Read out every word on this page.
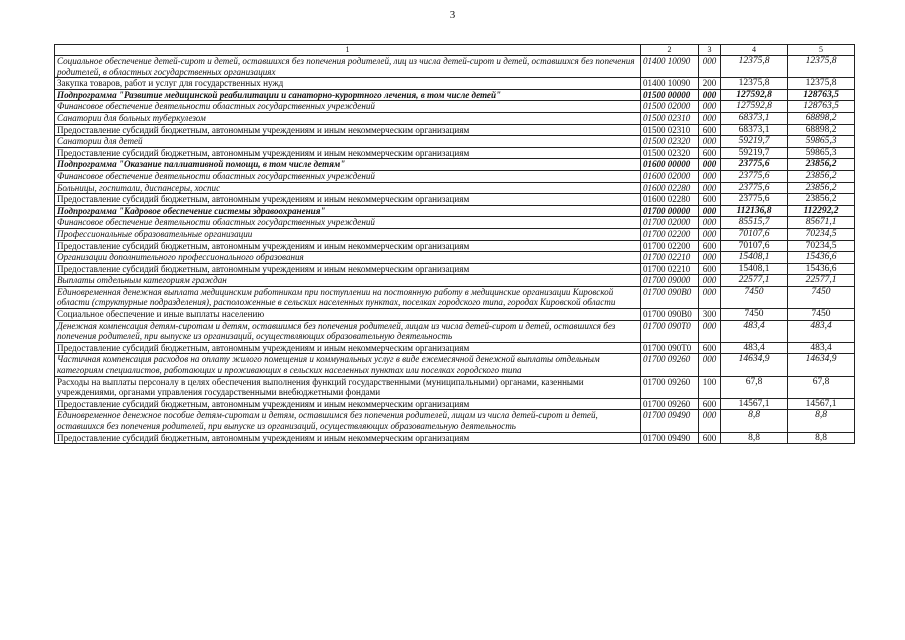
3
1	2	3	4	5
Социальное обеспечение детей-сирот и детей, оставшихся без попечения родителей, лиц из числа детей-сирот и детей, оставшихся без попечения родителей, в областных государственных организациях	01400 10090	000	12375,8	12375,8
Закупка товаров, работ и услуг для государственных нужд	01400 10090	200	12375,8	12375,8
Подпрограмма "Развитие медицинской реабилитации и санаторно-курортного лечения, в том числе детей"	01500 00000	000	127592,8	128763,5
Финансовое обеспечение деятельности областных государственных учреждений	01500 02000	000	127592,8	128763,5
Санатории для больных туберкулезом	01500 02310	000	68373,1	68898,2
Предоставление субсидий бюджетным, автономным учреждениям и иным некоммерческим организациям	01500 02310	600	68373,1	68898,2
Санатории для детей	01500 02320	000	59219,7	59865,3
Предоставление субсидий бюджетным, автономным учреждениям и иным некоммерческим организациям	01500 02320	600	59219,7	59865,3
Подпрограмма "Оказание паллиативной помощи, в том числе детям"	01600 00000	000	23775,6	23856,2
Финансовое обеспечение деятельности областных государственных учреждений	01600 02000	000	23775,6	23856,2
Больницы, госпитали, диспансеры, хоспис	01600 02280	000	23775,6	23856,2
Предоставление субсидий бюджетным, автономным учреждениям и иным некоммерческим организациям	01600 02280	600	23775,6	23856,2
Подпрограмма "Кадровое обеспечение системы здравоохранения"	01700 00000	000	112136,8	112292,2
Финансовое обеспечение деятельности областных государственных учреждений	01700 02000	000	85515,7	85671,1
Профессиональные образовательные организации	01700 02200	000	70107,6	70234,5
Предоставление субсидий бюджетным, автономным учреждениям и иным некоммерческим организациям	01700 02200	600	70107,6	70234,5
Организации дополнительного профессионального образования	01700 02210	000	15408,1	15436,6
Предоставление субсидий бюджетным, автономным учреждениям и иным некоммерческим организациям	01700 02210	600	15408,1	15436,6
Выплаты отдельным категориям граждан	01700 09000	000	22577,1	22577,1
Единовременная денежная выплата медицинским работникам при поступлении на постоянную работу в медицинские организации Кировской области (структурные подразделения), расположенные в сельских населенных пунктах, поселках городского типа, городах Кировской области	01700 090В0	000	7450	7450
Социальное обеспечение и иные выплаты населению	01700 090В0	300	7450	7450
Денежная компенсация детям-сиротам и детям, оставшимся без попечения родителей, лицам из числа детей-сирот и детей, оставшихся без попечения родителей, при выпуске из организаций, осуществляющих образовательную деятельность	01700 090Т0	000	483,4	483,4
Предоставление субсидий бюджетным, автономным учреждениям и иным некоммерческим организациям	01700 090Т0	600	483,4	483,4
Частичная компенсация расходов на оплату жилого помещения и коммунальных услуг в виде ежемесячной денежной выплаты отдельным категориям специалистов, работающих и проживающих в сельских населенных пунктах или поселках городского типа	01700 09260	000	14634,9	14634,9
Расходы на выплаты персоналу в целях обеспечения выполнения функций государственными (муниципальными) органами, казенными учреждениями, органами управления государственными внебюджетными фондами	01700 09260	100	67,8	67,8
Предоставление субсидий бюджетным, автономным учреждениям и иным некоммерческим организациям	01700 09260	600	14567,1	14567,1
Единовременное денежное пособие детям-сиротам и детям, оставшимся без попечения родителей, лицам из числа детей-сирот и детей, оставшихся без попечения родителей, при выпуске из организаций, осуществляющих образовательную деятельность	01700 09490	000	8,8	8,8
Предоставление субсидий бюджетным, автономным учреждениям и иным некоммерческим организациям	01700 09490	600	8,8	8,8
